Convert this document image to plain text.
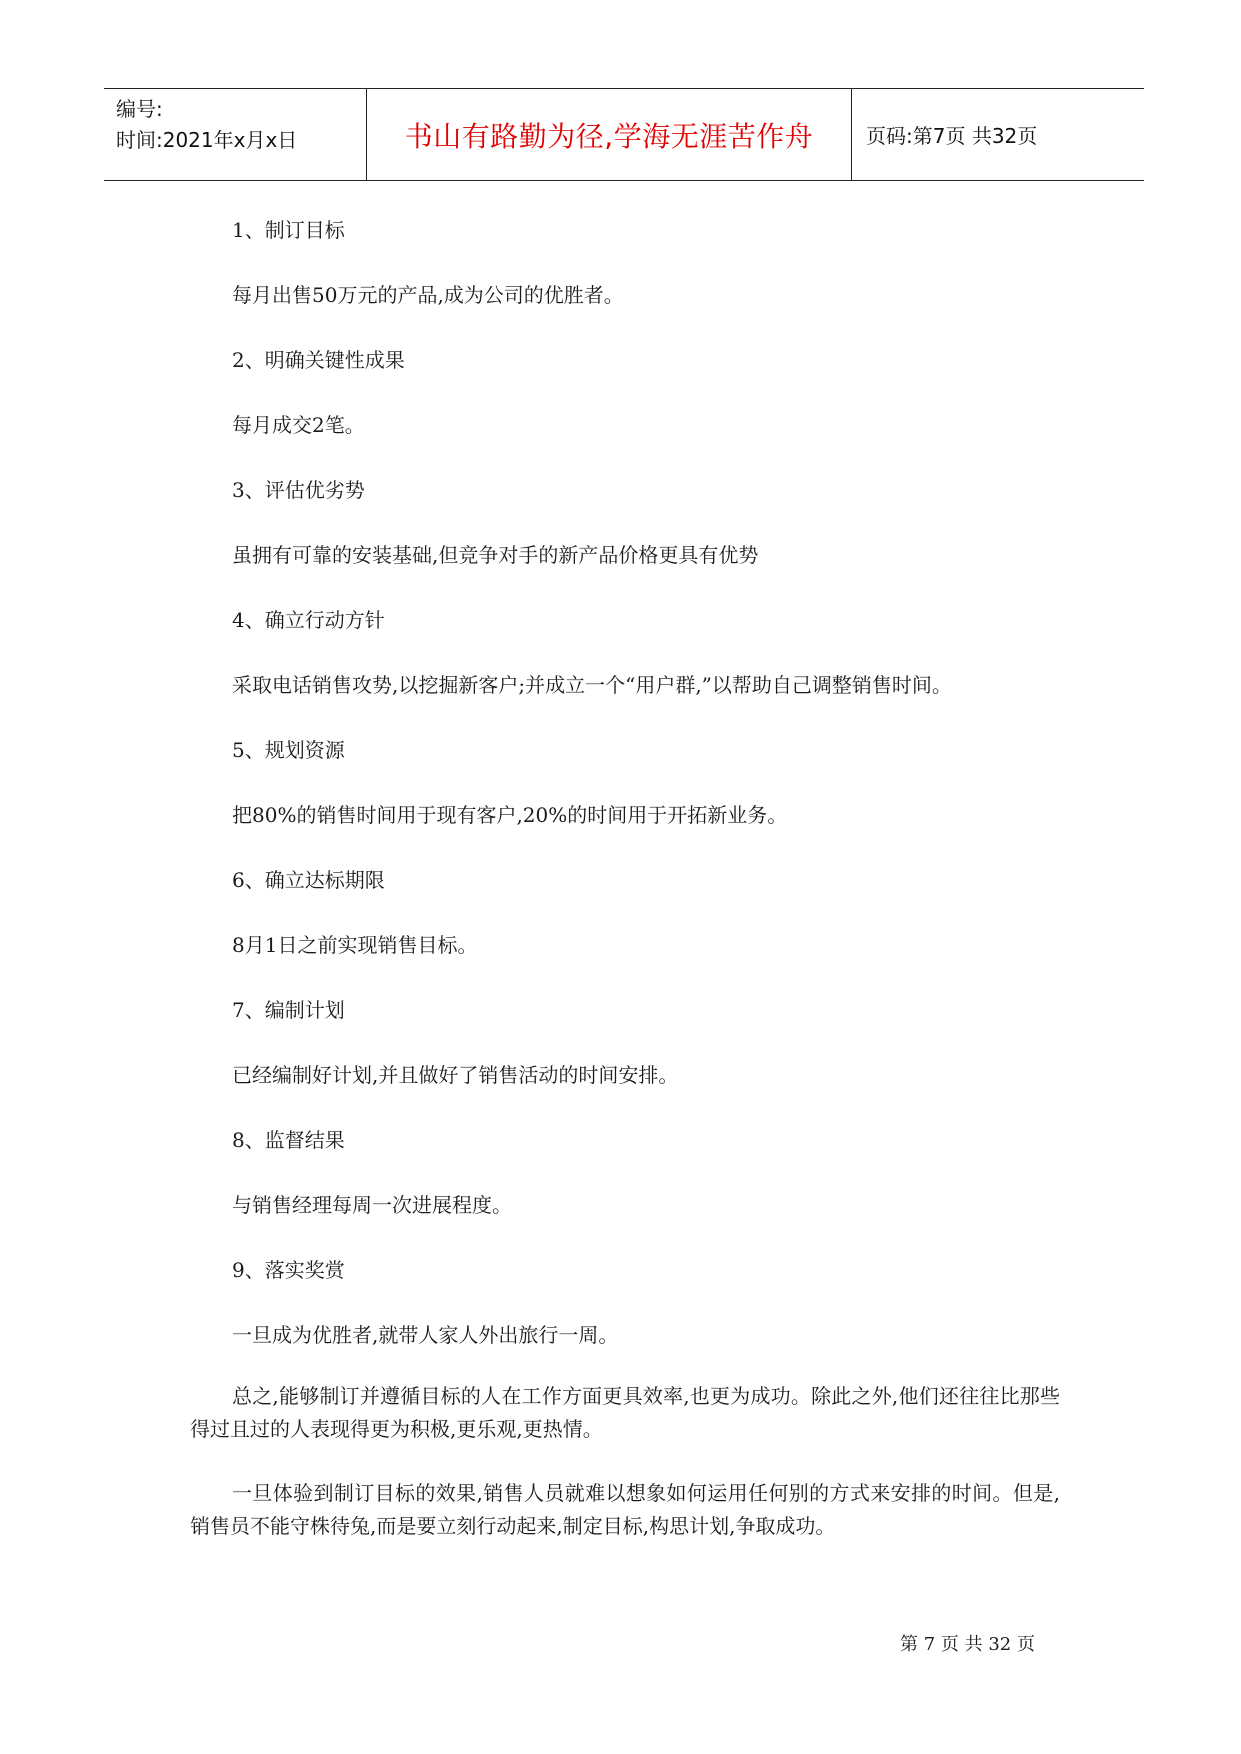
编号:
时间:2021年x月x日	书山有路勤为径,学海无涯苦作舟	页码:第7页 共32页
1、制订目标
每月出售50万元的产品,成为公司的优胜者。
2、明确关键性成果
每月成交2笔。
3、评估优劣势
虽拥有可靠的安装基础,但竞争对手的新产品价格更具有优势
4、确立行动方针
采取电话销售攻势,以挖掘新客户;并成立一个“用户群,”以帮助自己调整销售时间。
5、规划资源
把80%的销售时间用于现有客户,20%的时间用于开拓新业务。
6、确立达标期限
8月1日之前实现销售目标。
7、编制计划
已经编制好计划,并且做好了销售活动的时间安排。
8、监督结果
与销售经理每周一次进展程度。
9、落实奖赏
一旦成为优胜者,就带人家人外出旅行一周。
总之,能够制订并遵循目标的人在工作方面更具效率,也更为成功。除此之外,他们还往往比那些得过且过的人表现得更为积极,更乐观,更热情。
一旦体验到制订目标的效果,销售人员就难以想象如何运用任何别的方式来安排的时间。但是,销售员不能守株待兔,而是要立刻行动起来,制定目标,构思计划,争取成功。
第 7 页 共 32 页
